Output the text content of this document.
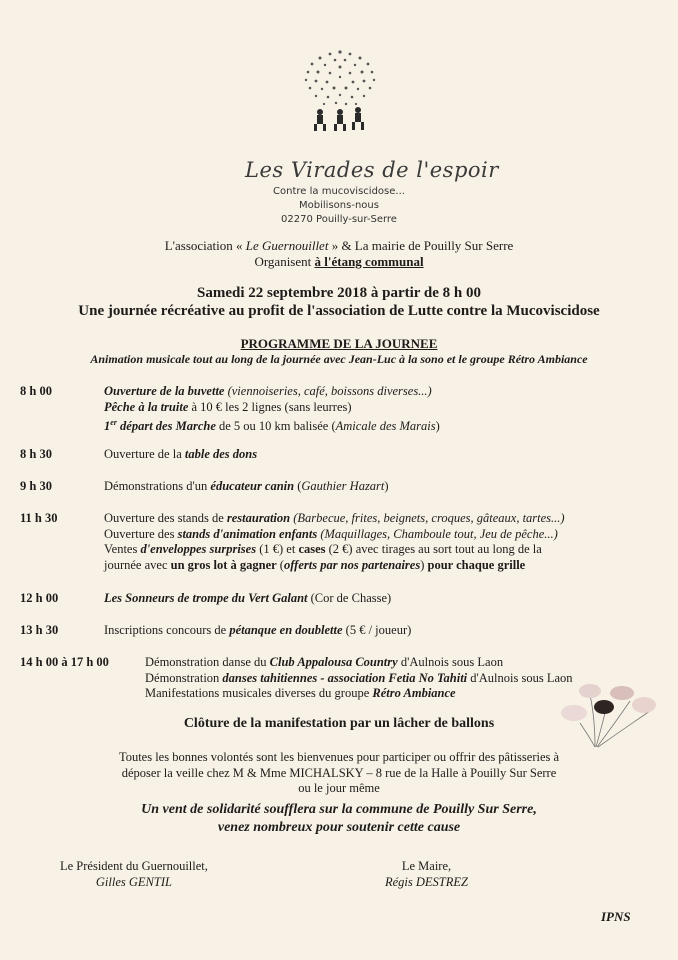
Les Virades de l'espoir
Contre la mucoviscidose...
Mobilisons-nous
02270 Pouilly-sur-Serre
L'association « Le Guernouillet » & La mairie de Pouilly Sur Serre
Organisent à l'étang communal
Samedi 22 septembre 2018 à partir de 8 h 00
Une journée récréative au profit de l'association de Lutte contre la Mucoviscidose
PROGRAMME DE LA JOURNEE
Animation musicale tout au long de la journée avec Jean-Luc à la sono et le groupe Rétro Ambiance
8 h 00	Ouverture de la buvette (viennoiseries, café, boissons diverses...)
Pêche à la truite à 10 € les 2 lignes (sans leurres)
1er départ des Marche de 5 ou 10 km balisée (Amicale des Marais)
8 h 30	Ouverture de la table des dons
9 h 30	Démonstrations d'un éducateur canin (Gauthier Hazart)
11 h 30	Ouverture des stands de restauration (Barbecue, frites, beignets, croques, gâteaux, tartes...)
Ouverture des stands d'animation enfants (Maquillages, Chamboule tout, Jeu de pêche...)
Ventes d'enveloppes surprises (1 €) et cases (2 €) avec tirages au sort tout au long de la
journée avec un gros lot à gagner (offerts par nos partenaires) pour chaque grille
12 h 00	Les Sonneurs de trompe du Vert Galant (Cor de Chasse)
13 h 30	Inscriptions concours de pétanque en doublette (5 € / joueur)
14 h 00 à 17 h 00	Démonstration danse du Club Appalousa Country d'Aulnois sous Laon
Démonstration danses tahitiennes - association Fetia No Tahiti d'Aulnois sous Laon
Manifestations musicales diverses du groupe Rétro Ambiance
Clôture de la manifestation par un lâcher de ballons
Toutes les bonnes volontés sont les bienvenues pour participer ou offrir des pâtisseries à
déposer la veille chez M & Mme MICHALSKY – 8 rue de la Halle à Pouilly Sur Serre
ou le jour même
Un vent de solidarité soufflera sur la commune de Pouilly Sur Serre,
venez nombreux pour soutenir cette cause
Le Président du Guernouillet,
Gilles GENTIL
Le Maire,
Régis DESTREZ
IPNS
